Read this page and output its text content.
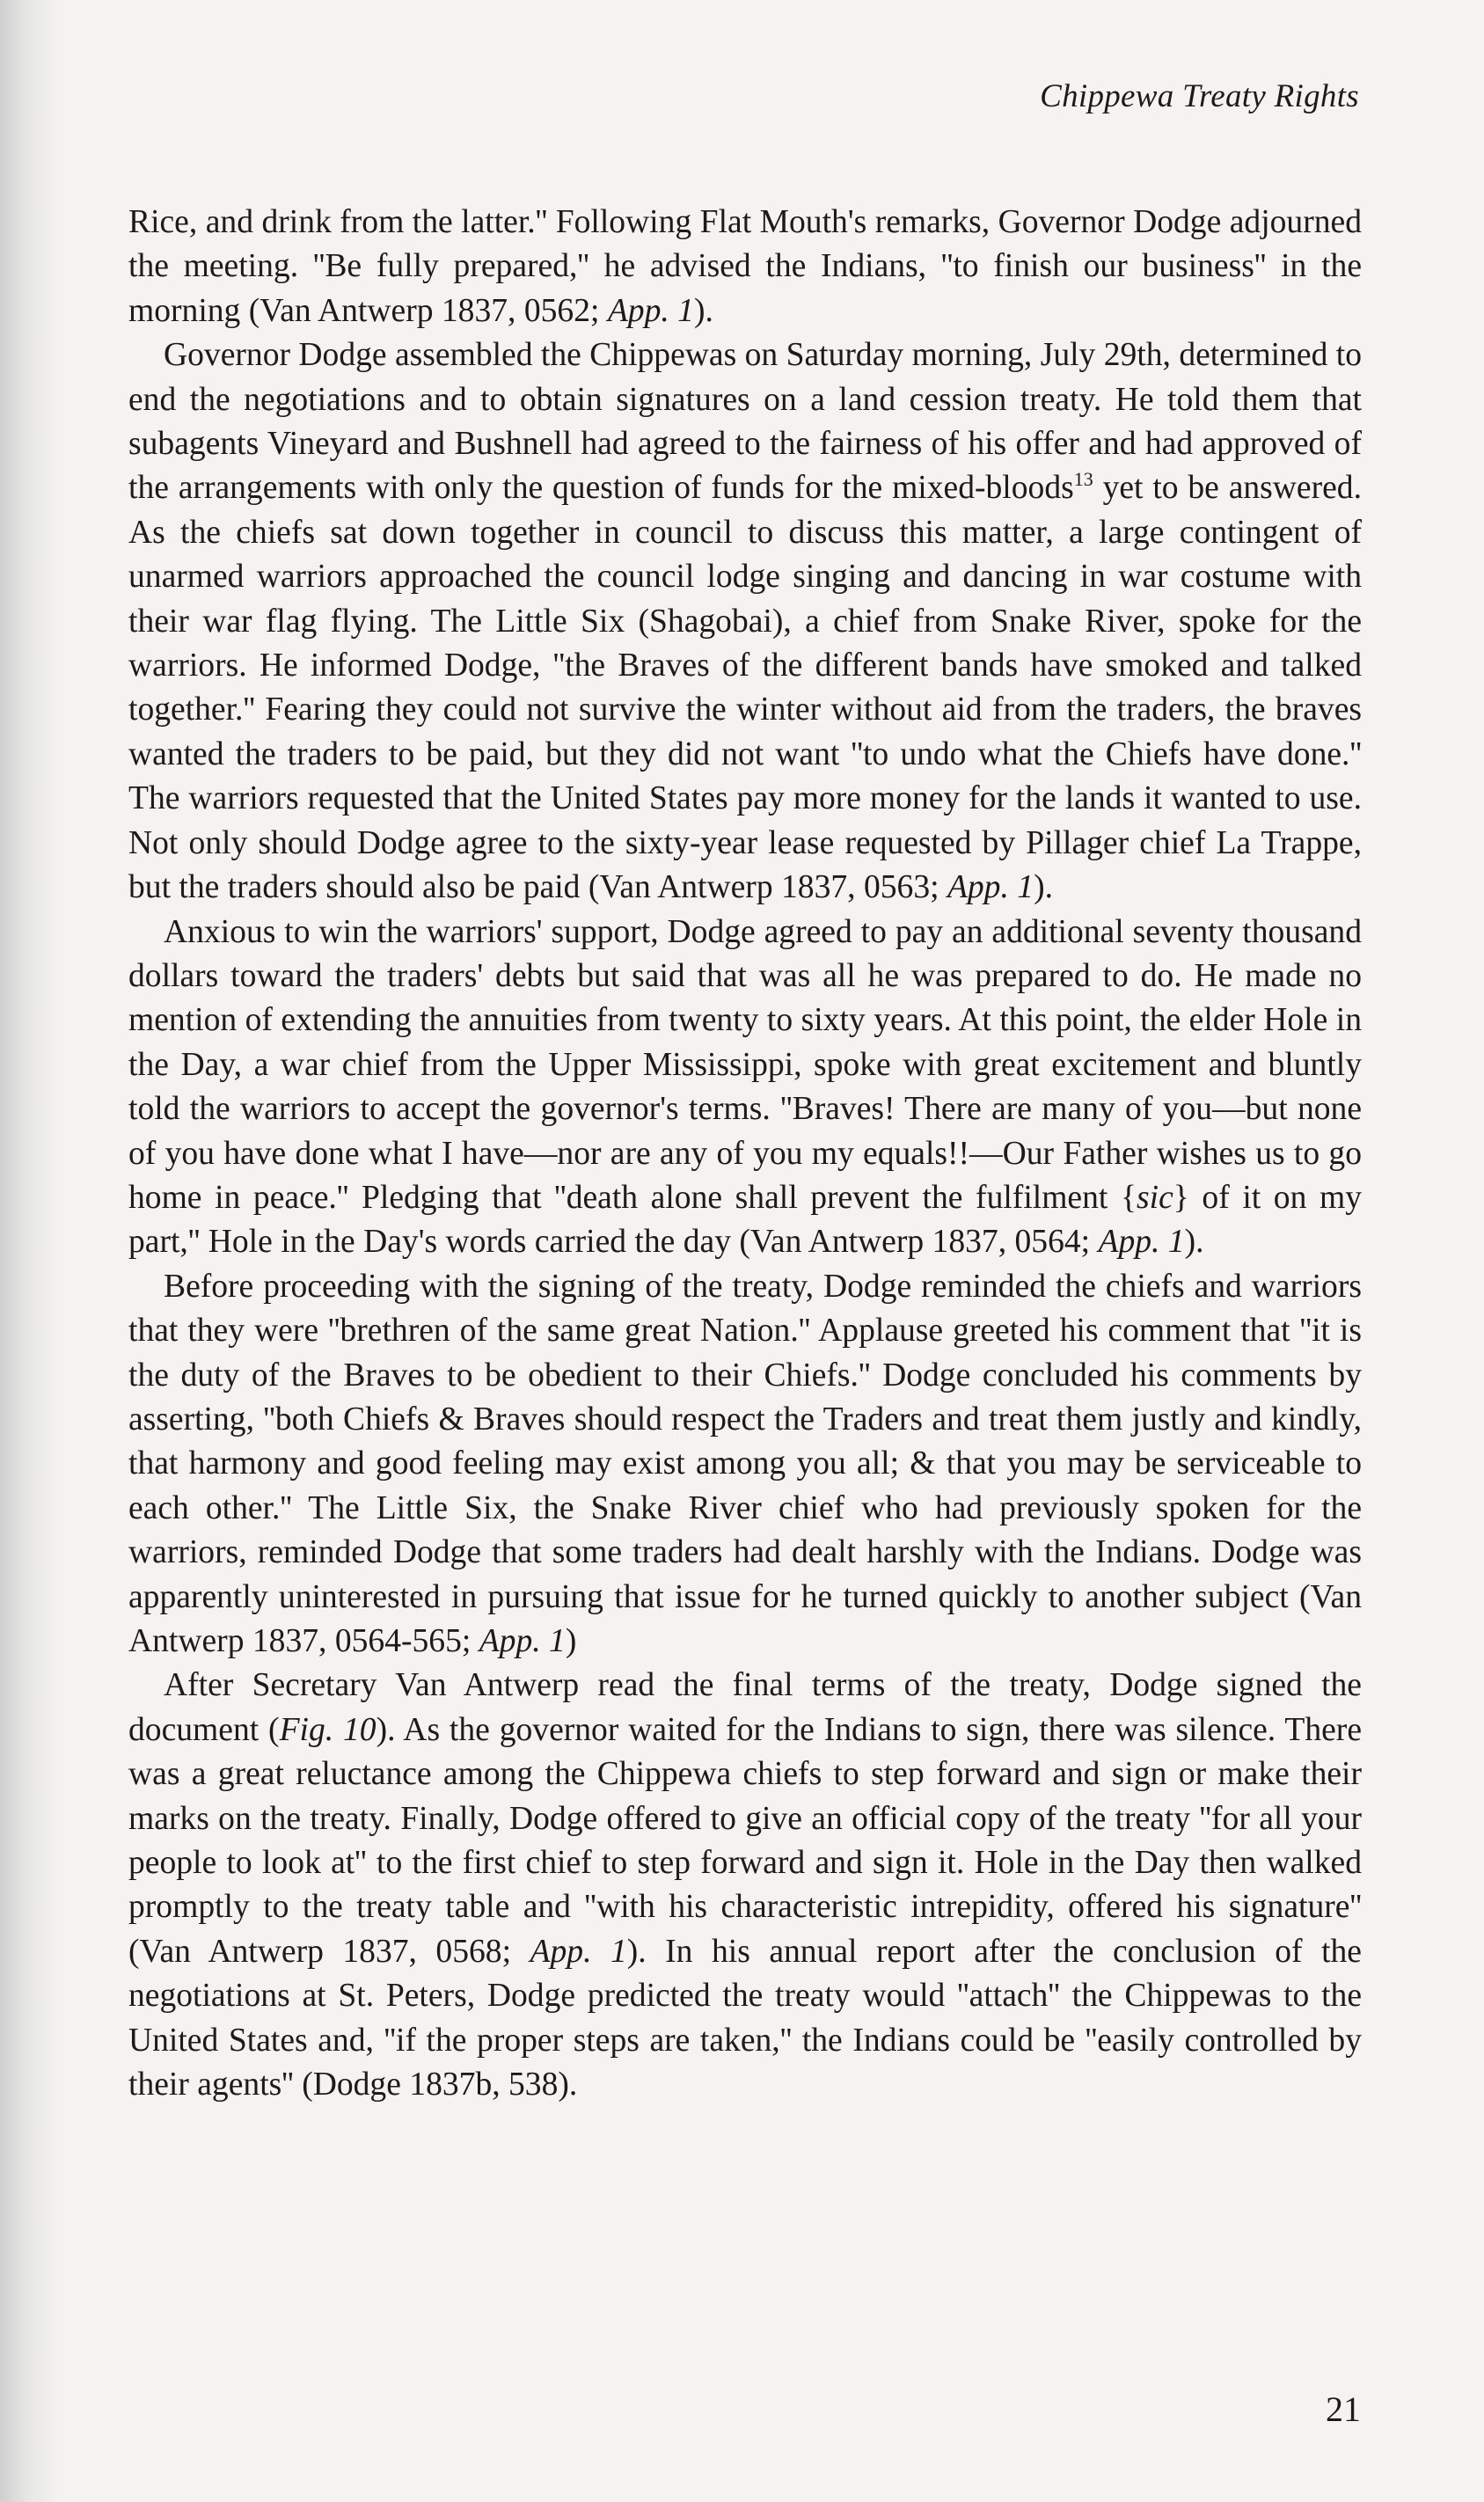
Chippewa Treaty Rights

Rice, and drink from the latter.'' Following Flat Mouth's remarks, Governor Dodge adjourned the meeting. ''Be fully prepared,'' he advised the Indians, ''to finish our business'' in the morning (Van Antwerp 1837, 0562; App. 1).

Governor Dodge assembled the Chippewas on Saturday morning, July 29th, determined to end the negotiations and to obtain signatures on a land cession treaty. He told them that subagents Vineyard and Bushnell had agreed to the fairness of his offer and had approved of the arrangements with only the question of funds for the mixed-bloods$^{13}$ yet to be answered. As the chiefs sat down together in council to discuss this matter, a large contingent of unarmed warriors approached the council lodge singing and dancing in war costume with their war flag flying. The Little Six (Shagobai), a chief from Snake River, spoke for the warriors. He informed Dodge, ''the Braves of the different bands have smoked and talked together.'' Fearing they could not survive the winter without aid from the traders, the braves wanted the traders to be paid, but they did not want ''to undo what the Chiefs have done.'' The warriors requested that the United States pay more money for the lands it wanted to use. Not only should Dodge agree to the sixty-year lease requested by Pillager chief La Trappe, but the traders should also be paid (Van Antwerp 1837, 0563; App. 1).

Anxious to win the warriors' support, Dodge agreed to pay an additional seventy thousand dollars toward the traders' debts but said that was all he was prepared to do. He made no mention of extending the annuities from twenty to sixty years. At this point, the elder Hole in the Day, a war chief from the Upper Mississippi, spoke with great excitement and bluntly told the warriors to accept the governor's terms. ''Braves! There are many of you—but none of you have done what I have—nor are any of you my equals!!—Our Father wishes us to go home in peace.'' Pledging that ''death alone shall prevent the fulfilment {sic} of it on my part,'' Hole in the Day's words carried the day (Van Antwerp 1837, 0564; App. 1).

Before proceeding with the signing of the treaty, Dodge reminded the chiefs and warriors that they were ''brethren of the same great Nation.'' Applause greeted his comment that ''it is the duty of the Braves to be obedient to their Chiefs.'' Dodge concluded his comments by asserting, ''both Chiefs & Braves should respect the Traders and treat them justly and kindly, that harmony and good feeling may exist among you all; & that you may be serviceable to each other.'' The Little Six, the Snake River chief who had previously spoken for the warriors, reminded Dodge that some traders had dealt harshly with the Indians. Dodge was apparently uninterested in pursuing that issue for he turned quickly to another subject (Van Antwerp 1837, 0564-565; App. 1)

After Secretary Van Antwerp read the final terms of the treaty, Dodge signed the document (Fig. 10). As the governor waited for the Indians to sign, there was silence. There was a great reluctance among the Chippewa chiefs to step forward and sign or make their marks on the treaty. Finally, Dodge offered to give an official copy of the treaty ''for all your people to look at'' to the first chief to step forward and sign it. Hole in the Day then walked promptly to the treaty table and ''with his characteristic intrepidity, offered his signature'' (Van Antwerp 1837, 0568; App. 1). In his annual report after the conclusion of the negotiations at St. Peters, Dodge predicted the treaty would ''attach'' the Chippewas to the United States and, ''if the proper steps are taken,'' the Indians could be ''easily controlled by their agents'' (Dodge 1837b, 538).

21
